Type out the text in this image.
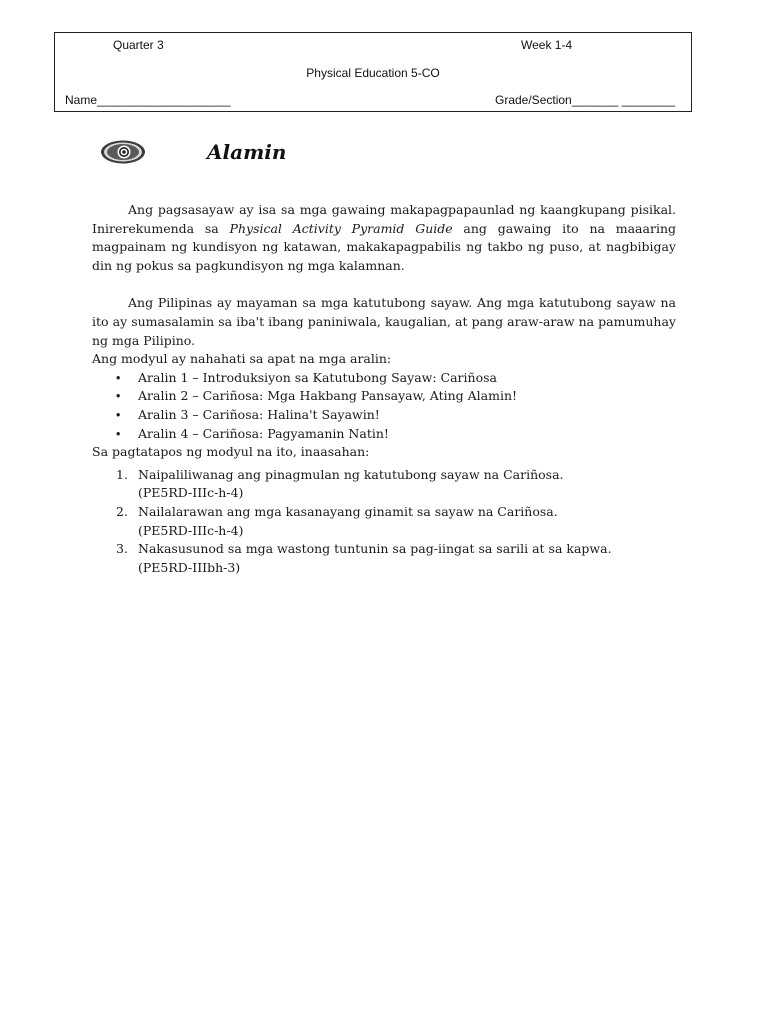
Quarter 3	Week 1-4
Physical Education 5-CO
Name____________________	Grade/Section_______ ________
Alamin

Ang pagsasayaw ay isa sa mga gawaing makapagpapaunlad ng kaangkupang pisikal. Inirerekumenda sa Physical Activity Pyramid Guide ang gawaing ito na maaaring magpainam ng kundisyon ng katawan, makakapagpabilis ng takbo ng puso, at nagbibigay din ng pokus sa pagkundisyon ng mga kalamnan.

Ang Pilipinas ay mayaman sa mga katutubong sayaw. Ang mga katutubong sayaw na ito ay sumasalamin sa iba't ibang paniniwala, kaugalian, at pang araw-araw na pamumuhay ng mga Pilipino.

Ang modyul ay nahahati sa apat na mga aralin:

• Aralin 1 – Introduksiyon sa Katutubong Sayaw: Cariñosa
• Aralin 2 – Cariñosa: Mga Hakbang Pansayaw, Ating Alamin!
• Aralin 3 – Cariñosa: Halina't Sayawin!
• Aralin 4 – Cariñosa: Pagyamanin Natin!

Sa pagtatapos ng modyul na ito, inaasahan:

1. Naipaliliwanag ang pinagmulan ng katutubong sayaw na Cariñosa.
(PE5RD-IIIc-h-4)
2. Nailalarawan ang mga kasanayang ginamit sa sayaw na Cariñosa.
(PE5RD-IIIc-h-4)
3. Nakasusunod sa mga wastong tuntunin sa pag-iingat sa sarili at sa kapwa.
(PE5RD-IIIbh-3)
